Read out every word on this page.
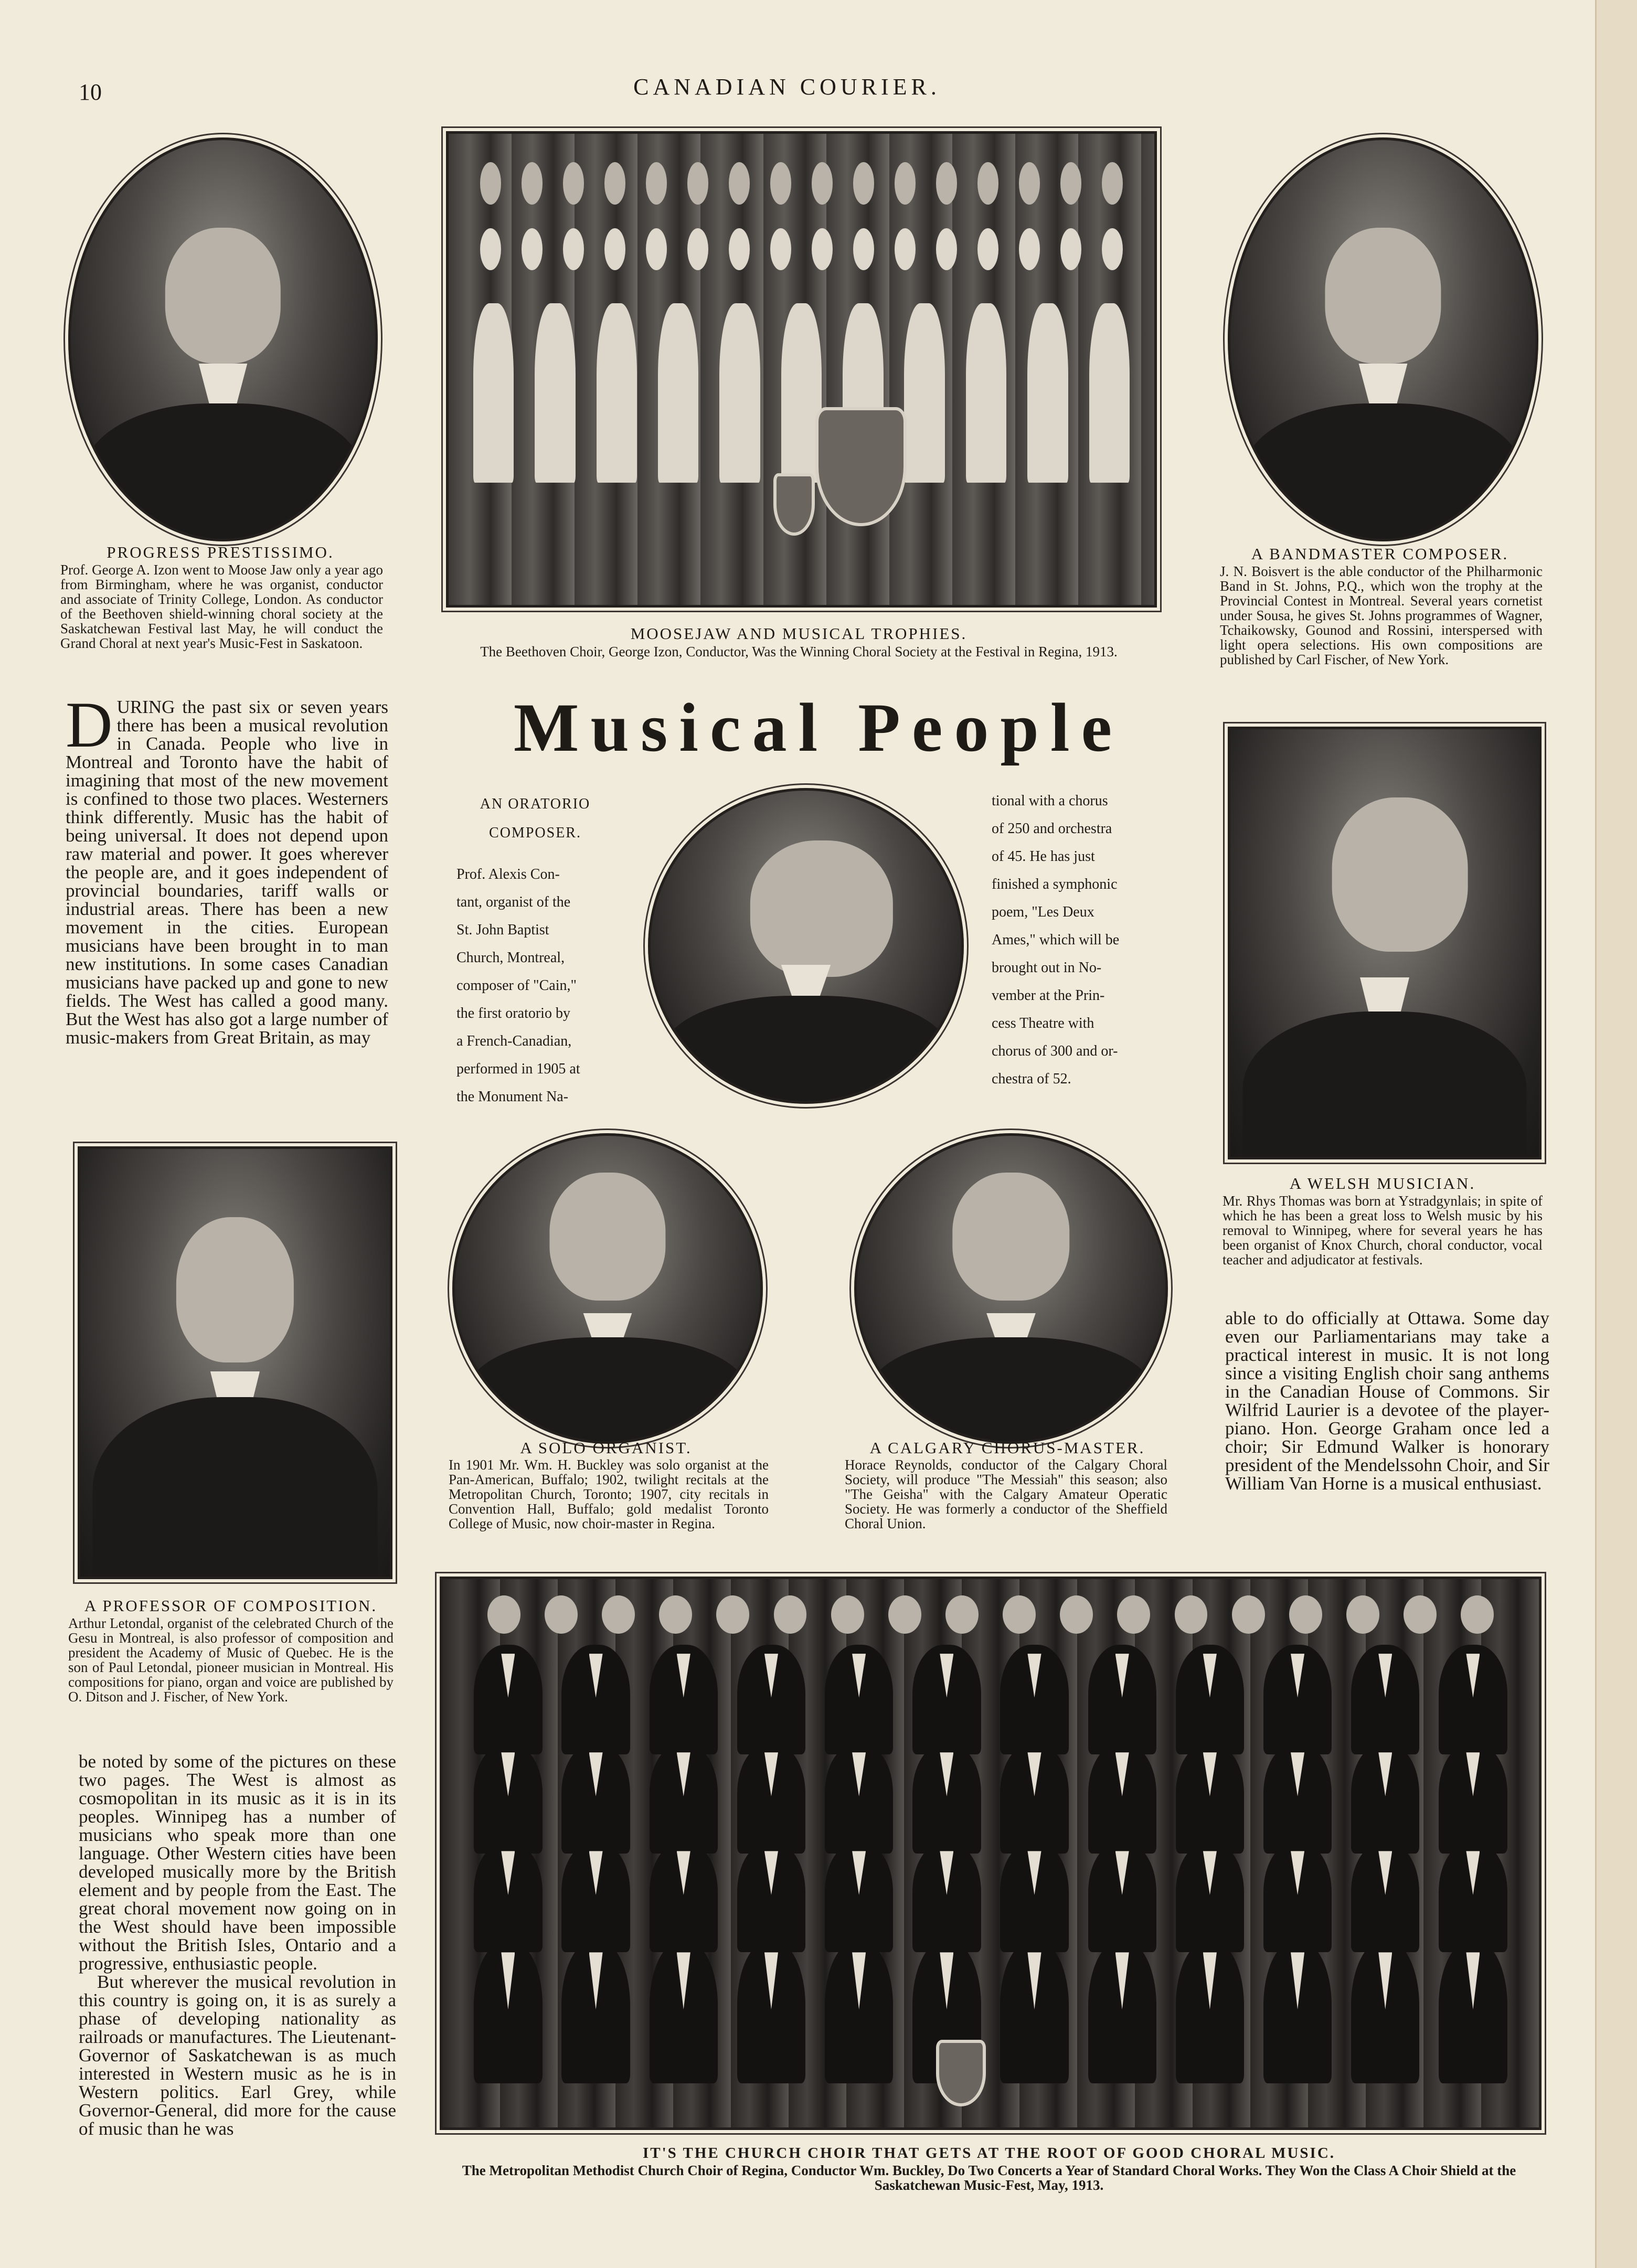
10	CANADIAN COURIER.
PROGRESS PRESTISSIMO.
Prof. George A. Izon went to Moose Jaw only a year ago from Birmingham, where he was organist, conductor and associate of Trinity College, London. As conductor of the Beethoven shield-winning choral society at the Saskatchewan Festival last May, he will conduct the Grand Choral at next year's Music-Fest in Saskatoon.
MOOSEJAW AND MUSICAL TROPHIES.
The Beethoven Choir, George Izon, Conductor, Was the Winning Choral Society at the Festival in Regina, 1913.
A BANDMASTER COMPOSER.
J. N. Boisvert is the able conductor of the Philharmonic Band in St. Johns, P.Q., which won the trophy at the Provincial Contest in Montreal. Several years cornetist under Sousa, he gives St. Johns programmes of Wagner, Tchaikowsky, Gounod and Rossini, interspersed with light opera selections. His own compositions are published by Carl Fischer, of New York.
DURING the past six or seven years there has been a musical revolution in Canada. People who live in Montreal and Toronto have the habit of imagining that most of the new movement is confined to those two places. Westerners think differently. Music has the habit of being universal. It does not depend upon raw material and power. It goes wherever the people are, and it goes independent of provincial boundaries, tariff walls or industrial areas. There has been a new movement in the cities. European musicians have been brought in to man new institutions. In some cases Canadian musicians have packed up and gone to new fields. The West has called a good many. But the West has also got a large number of music-makers from Great Britain, as may
Musical People
AN ORATORIO
COMPOSER.
Prof. Alexis Con-
tant, organist of the
St. John Baptist
Church, Montreal,
composer of "Cain,"
the first oratorio by
a French-Canadian,
performed in 1905 at
the Monument Na-
tional with a chorus
of 250 and orchestra
of 45. He has just
finished a symphonic
poem, "Les Deux
Ames," which will be
brought out in No-
vember at the Prin-
cess Theatre with
chorus of 300 and or-
chestra of 52.
A WELSH MUSICIAN.
Mr. Rhys Thomas was born at Ystradgynlais; in spite of which he has been a great loss to Welsh music by his removal to Winnipeg, where for several years he has been organist of Knox Church, choral conductor, vocal teacher and adjudicator at festivals.
A PROFESSOR OF COMPOSITION.
Arthur Letondal, organist of the celebrated Church of the Gesu in Montreal, is also professor of composition and president the Academy of Music of Quebec. He is the son of Paul Letondal, pioneer musician in Montreal. His compositions for piano, organ and voice are published by O. Ditson and J. Fischer, of New York.
A SOLO ORGANIST.
In 1901 Mr. Wm. H. Buckley was solo organist at the Pan-American, Buffalo; 1902, twilight recitals at the Metropolitan Church, Toronto; 1907, city recitals in Convention Hall, Buffalo; gold medalist Toronto College of Music, now choir-master in Regina.
A CALGARY CHORUS-MASTER.
Horace Reynolds, conductor of the Calgary Choral Society, will produce "The Messiah" this season; also "The Geisha" with the Calgary Amateur Operatic Society. He was formerly a conductor of the Sheffield Choral Union.
able to do officially at Ottawa. Some day even our Parliamentarians may take a practical interest in music. It is not long since a visiting English choir sang anthems in the Canadian House of Commons. Sir Wilfrid Laurier is a devotee of the player-piano. Hon. George Graham once led a choir; Sir Edmund Walker is honorary president of the Mendelssohn Choir, and Sir William Van Horne is a musical enthusiast.
be noted by some of the pictures on these two pages. The West is almost as cosmopolitan in its music as it is in its peoples. Winnipeg has a number of musicians who speak more than one language. Other Western cities have been developed musically more by the British element and by people from the East. The great choral movement now going on in the West should have been impossible without the British Isles, Ontario and a progressive, enthusiastic people.
But wherever the musical revolution in this country is going on, it is as surely a phase of developing nationality as railroads or manufactures. The Lieutenant-Governor of Saskatchewan is as much interested in Western music as he is in Western politics. Earl Grey, while Governor-General, did more for the cause of music than he was
IT'S THE CHURCH CHOIR THAT GETS AT THE ROOT OF GOOD CHORAL MUSIC.
The Metropolitan Methodist Church Choir of Regina, Conductor Wm. Buckley, Do Two Concerts a Year of Standard Choral Works. They Won the Class A Choir Shield at the Saskatchewan Music-Fest, May, 1913.
